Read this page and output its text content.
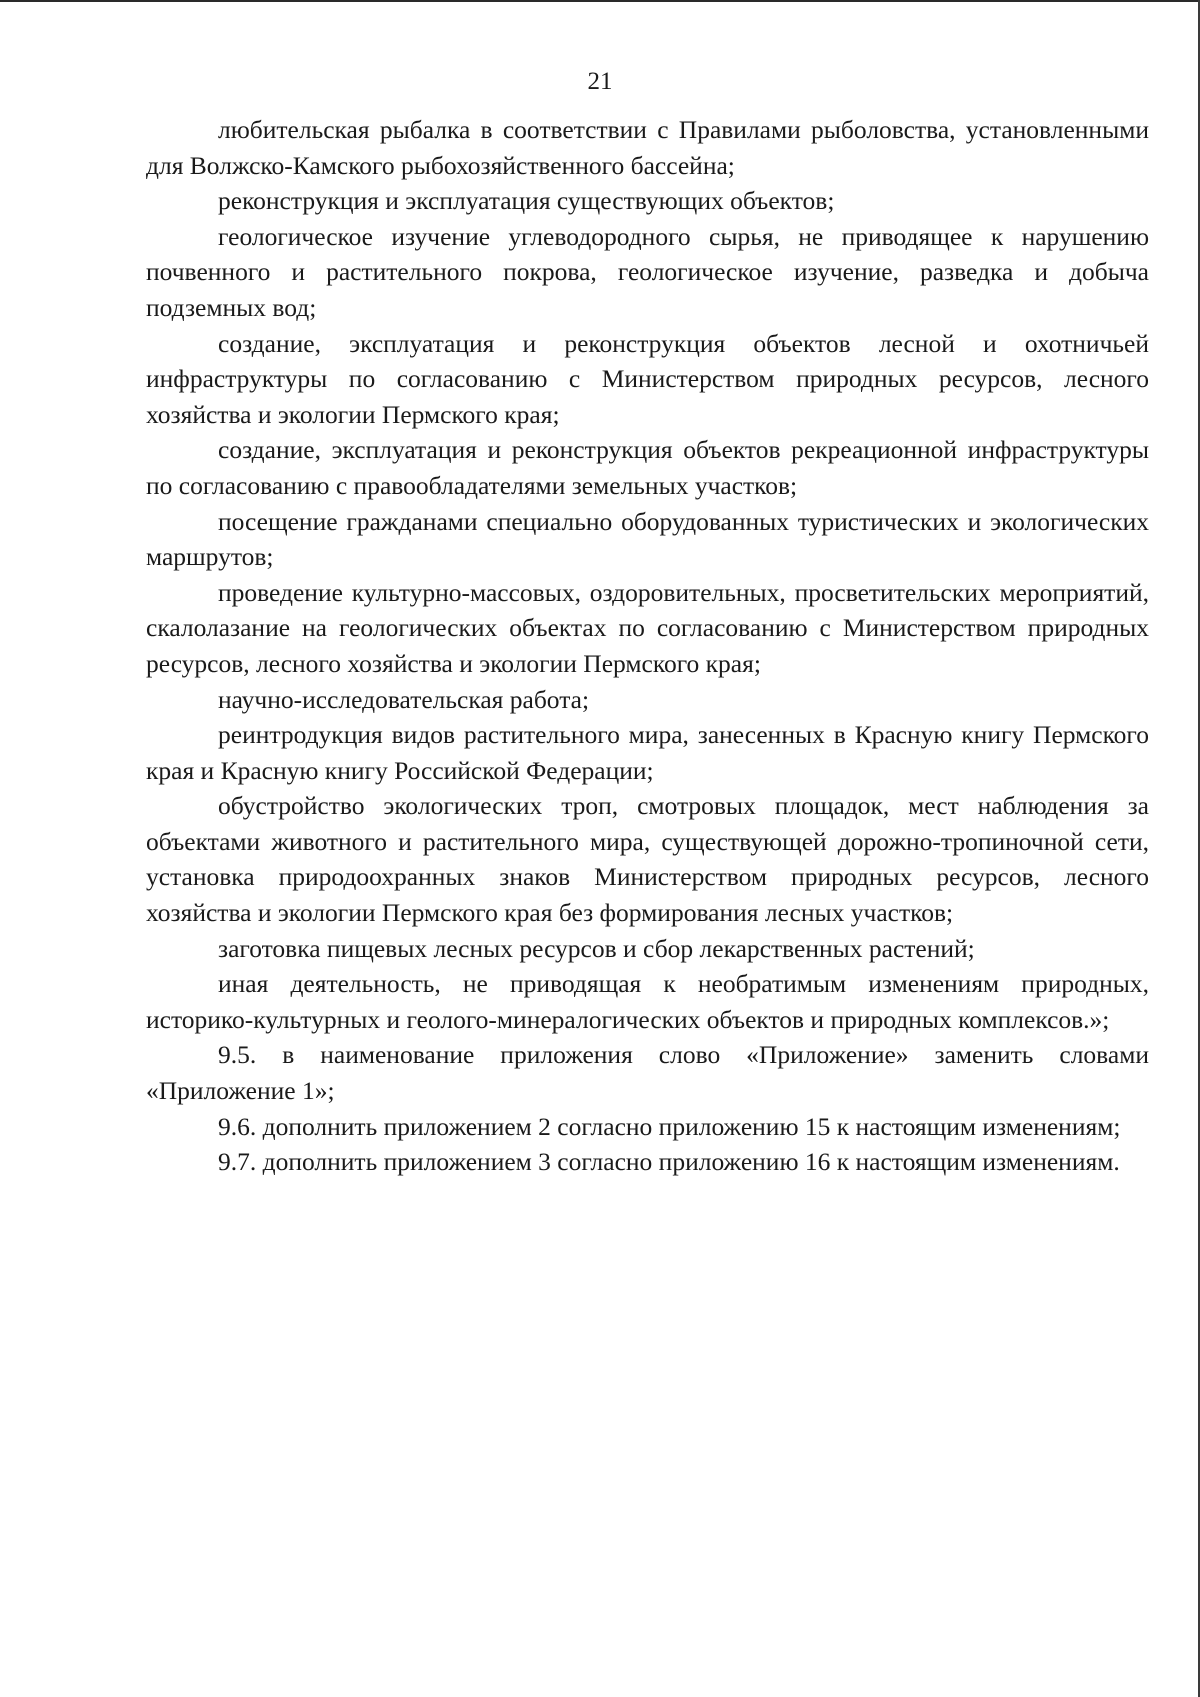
21

любительская рыбалка в соответствии с Правилами рыболовства, установленными для Волжско-Камского рыбохозяйственного бассейна;

реконструкция и эксплуатация существующих объектов;

геологическое изучение углеводородного сырья, не приводящее к нарушению почвенного и растительного покрова, геологическое изучение, разведка и добыча подземных вод;

создание, эксплуатация и реконструкция объектов лесной и охотничьей инфраструктуры по согласованию с Министерством природных ресурсов, лесного хозяйства и экологии Пермского края;

создание, эксплуатация и реконструкция объектов рекреационной инфраструктуры по согласованию с правообладателями земельных участков;

посещение гражданами специально оборудованных туристических и экологических маршрутов;

проведение культурно-массовых, оздоровительных, просветительских мероприятий, скалолазание на геологических объектах по согласованию с Министерством природных ресурсов, лесного хозяйства и экологии Пермского края;

научно-исследовательская работа;

реинтродукция видов растительного мира, занесенных в Красную книгу Пермского края и Красную книгу Российской Федерации;

обустройство экологических троп, смотровых площадок, мест наблюдения за объектами животного и растительного мира, существующей дорожно-тропиночной сети, установка природоохранных знаков Министерством природных ресурсов, лесного хозяйства и экологии Пермского края без формирования лесных участков;

заготовка пищевых лесных ресурсов и сбор лекарственных растений;

иная деятельность, не приводящая к необратимым изменениям природных, историко-культурных и геолого-минералогических объектов и природных комплексов.»;

9.5. в наименование приложения слово «Приложение» заменить словами «Приложение 1»;

9.6. дополнить приложением 2 согласно приложению 15 к настоящим изменениям;

9.7. дополнить приложением 3 согласно приложению 16 к настоящим изменениям.
